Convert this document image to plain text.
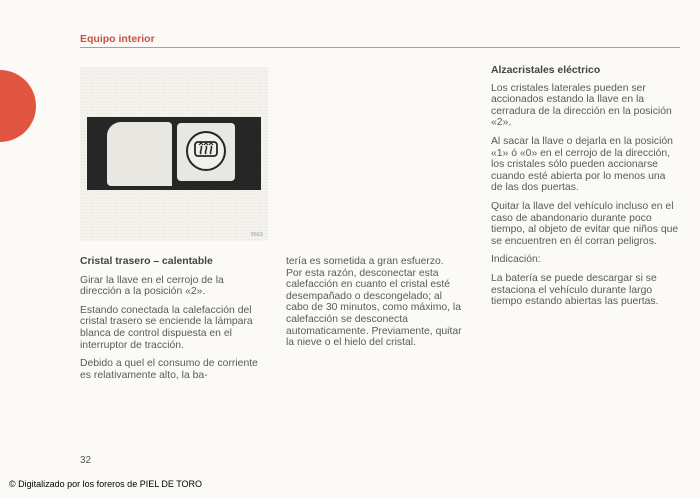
Equipo interior
9563

Cristal trasero – calentable

Girar la llave en el cerrojo de la dirección a la posición «2».

Estando conectada la calefacción del cristal trasero se enciende la lámpara blanca de control dispuesta en el interruptor de tracción.

Debido a quel el consumo de corriente es relativamente alto, la ba-

tería es sometida a gran esfuerzo. Por esta razón, desconectar esta calefacción en cuanto el cristal esté desempañado o descongelado; al cabo de 30 minutos, como máximo, la calefacción se desconecta automaticamente. Previamente, quitar la nieve o el hielo del cristal.

Alzacristales eléctrico

Los cristales laterales pueden ser accionados estando la llave en la cerradura de la dirección en la posición «2».

Al sacar la llave o dejarla en la posición «1» ó «0» en el cerrojo de la dirección, los cristales sólo pueden accionarse cuando esté abierta por lo menos una de las dos puertas.

Quitar la llave del vehículo incluso en el caso de abandonario durante poco tiempo, al objeto de evitar que niños que se encuentren en él corran peligros.

Indicación:

La batería se puede descargar si se estaciona el vehículo durante largo tiempo estando abiertas las puertas.

32
© Digitalizado por los foreros de PIEL DE TORO
